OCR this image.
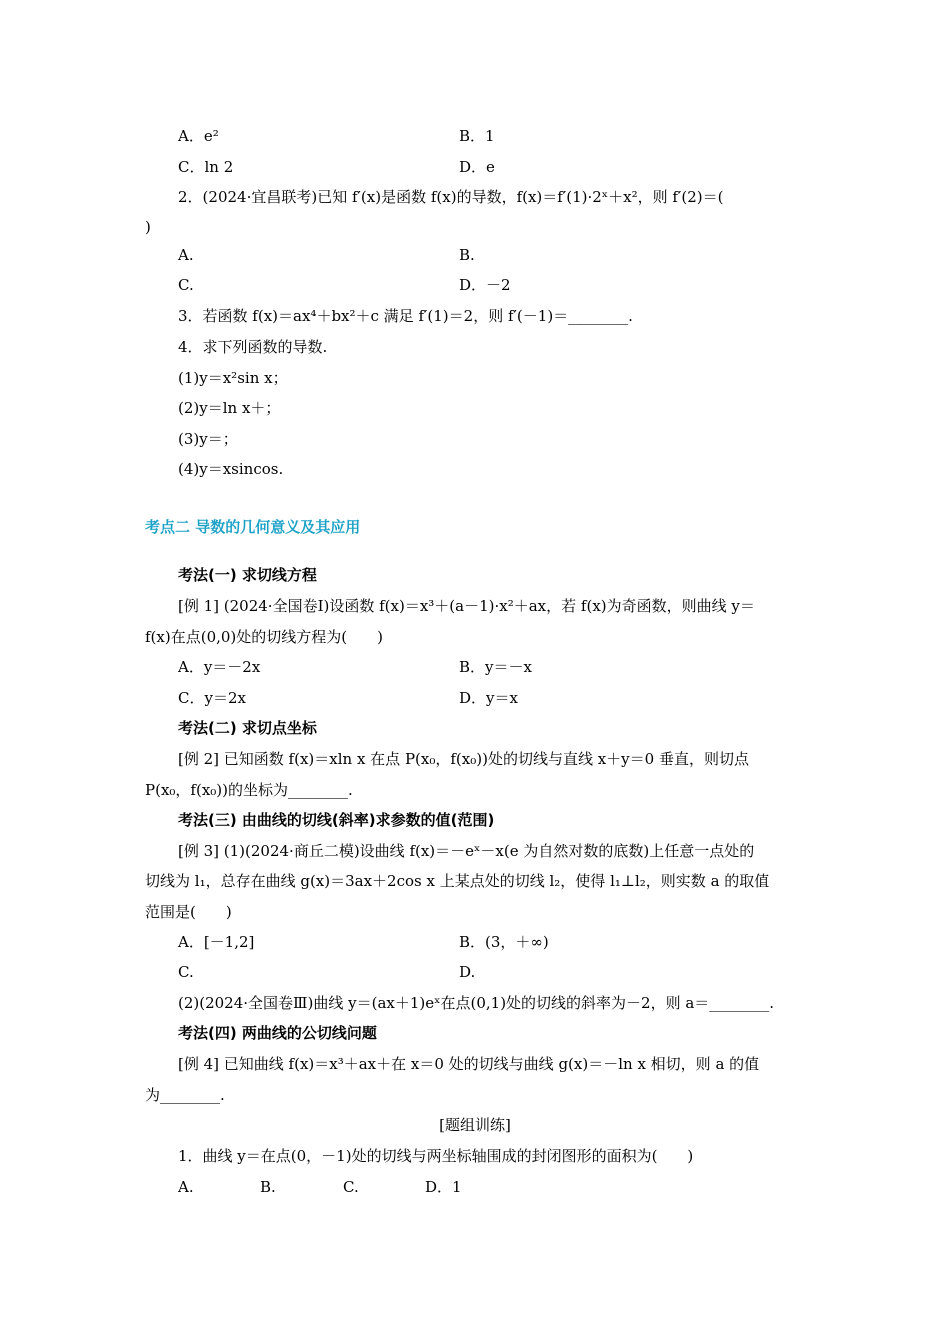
A．e²	B．1
C．ln 2	D．e
2．(2024·宜昌联考)已知 f′(x)是函数 f(x)的导数，f(x)＝f′(1)·2ˣ＋x²，则 f′(2)＝(
)
A.	B.
C.	D．－2
3．若函数 f(x)＝ax⁴＋bx²＋c 满足 f′(1)＝2，则 f′(－1)＝________.
4．求下列函数的导数.
(1)y＝x²sin x；
(2)y＝ln x＋；
(3)y＝；
(4)y＝xsincos.
考点二 导数的几何意义及其应用
考法(一) 求切线方程
[例 1] (2024·全国卷Ⅰ)设函数 f(x)＝x³＋(a－1)·x²＋ax，若 f(x)为奇函数，则曲线 y＝
f(x)在点(0,0)处的切线方程为(　　)
A．y＝－2x	B．y＝－x
C．y＝2x	D．y＝x
考法(二) 求切点坐标
[例 2] 已知函数 f(x)＝xln x 在点 P(x₀，f(x₀))处的切线与直线 x＋y＝0 垂直，则切点
P(x₀，f(x₀))的坐标为________.
考法(三) 由曲线的切线(斜率)求参数的值(范围)
[例 3] (1)(2024·商丘二模)设曲线 f(x)＝－eˣ－x(e 为自然对数的底数)上任意一点处的
切线为 l₁，总存在曲线 g(x)＝3ax＋2cos x 上某点处的切线 l₂，使得 l₁⊥l₂，则实数 a 的取值
范围是(　　)
A．[－1,2]	B．(3，＋∞)
C.	D.
(2)(2024·全国卷Ⅲ)曲线 y＝(ax＋1)eˣ在点(0,1)处的切线的斜率为－2，则 a＝________.
考法(四) 两曲线的公切线问题
[例 4] 已知曲线 f(x)＝x³＋ax＋在 x＝0 处的切线与曲线 g(x)＝－ln x 相切，则 a 的值
为________.
[题组训练]
1．曲线 y＝在点(0，－1)处的切线与两坐标轴围成的封闭图形的面积为(　　)
A.	B.	C.	D．1
